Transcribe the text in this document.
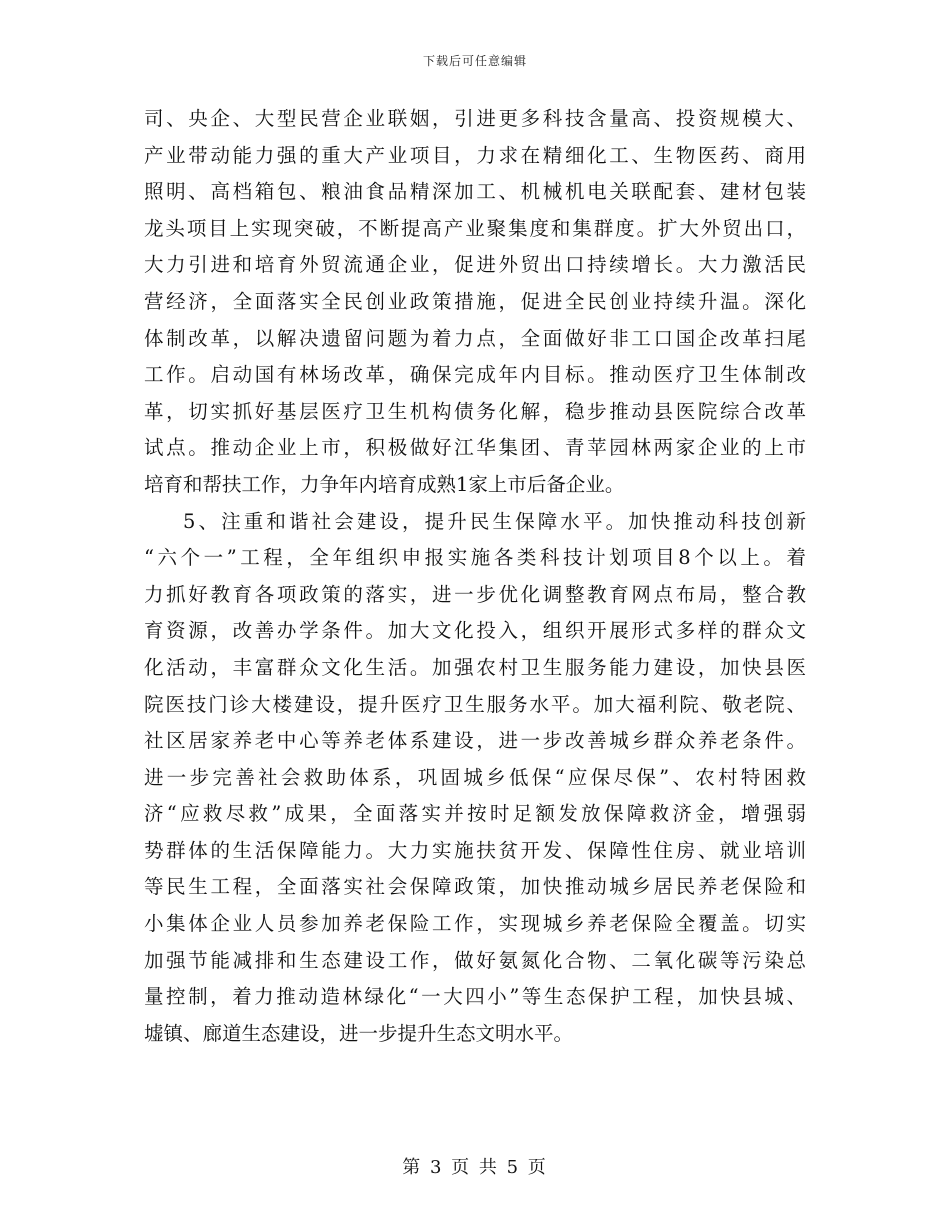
下载后可任意编辑
司、央企、大型民营企业联姻，引进更多科技含量高、投资规模大、
产业带动能力强的重大产业项目，力求在精细化工、生物医药、商用
照明、高档箱包、粮油食品精深加工、机械机电关联配套、建材包装
龙头项目上实现突破，不断提高产业聚集度和集群度。扩大外贸出口，
大力引进和培育外贸流通企业，促进外贸出口持续增长。大力激活民
营经济，全面落实全民创业政策措施，促进全民创业持续升温。深化
体制改革，以解决遗留问题为着力点，全面做好非工口国企改革扫尾
工作。启动国有林场改革，确保完成年内目标。推动医疗卫生体制改
革，切实抓好基层医疗卫生机构债务化解，稳步推动县医院综合改革
试点。推动企业上市，积极做好江华集团、青苹园林两家企业的上市
培育和帮扶工作，力争年内培育成熟1家上市后备企业。
5、注重和谐社会建设，提升民生保障水平。加快推动科技创新
“六个一”工程，全年组织申报实施各类科技计划项目8个以上。着
力抓好教育各项政策的落实，进一步优化调整教育网点布局，整合教
育资源，改善办学条件。加大文化投入，组织开展形式多样的群众文
化活动，丰富群众文化生活。加强农村卫生服务能力建设，加快县医
院医技门诊大楼建设，提升医疗卫生服务水平。加大福利院、敬老院、
社区居家养老中心等养老体系建设，进一步改善城乡群众养老条件。
进一步完善社会救助体系，巩固城乡低保“应保尽保”、农村特困救
济“应救尽救”成果，全面落实并按时足额发放保障救济金，增强弱
势群体的生活保障能力。大力实施扶贫开发、保障性住房、就业培训
等民生工程，全面落实社会保障政策，加快推动城乡居民养老保险和
小集体企业人员参加养老保险工作，实现城乡养老保险全覆盖。切实
加强节能减排和生态建设工作，做好氨氮化合物、二氧化碳等污染总
量控制，着力推动造林绿化“一大四小”等生态保护工程，加快县城、
墟镇、廊道生态建设，进一步提升生态文明水平。
第 3 页 共 5 页
